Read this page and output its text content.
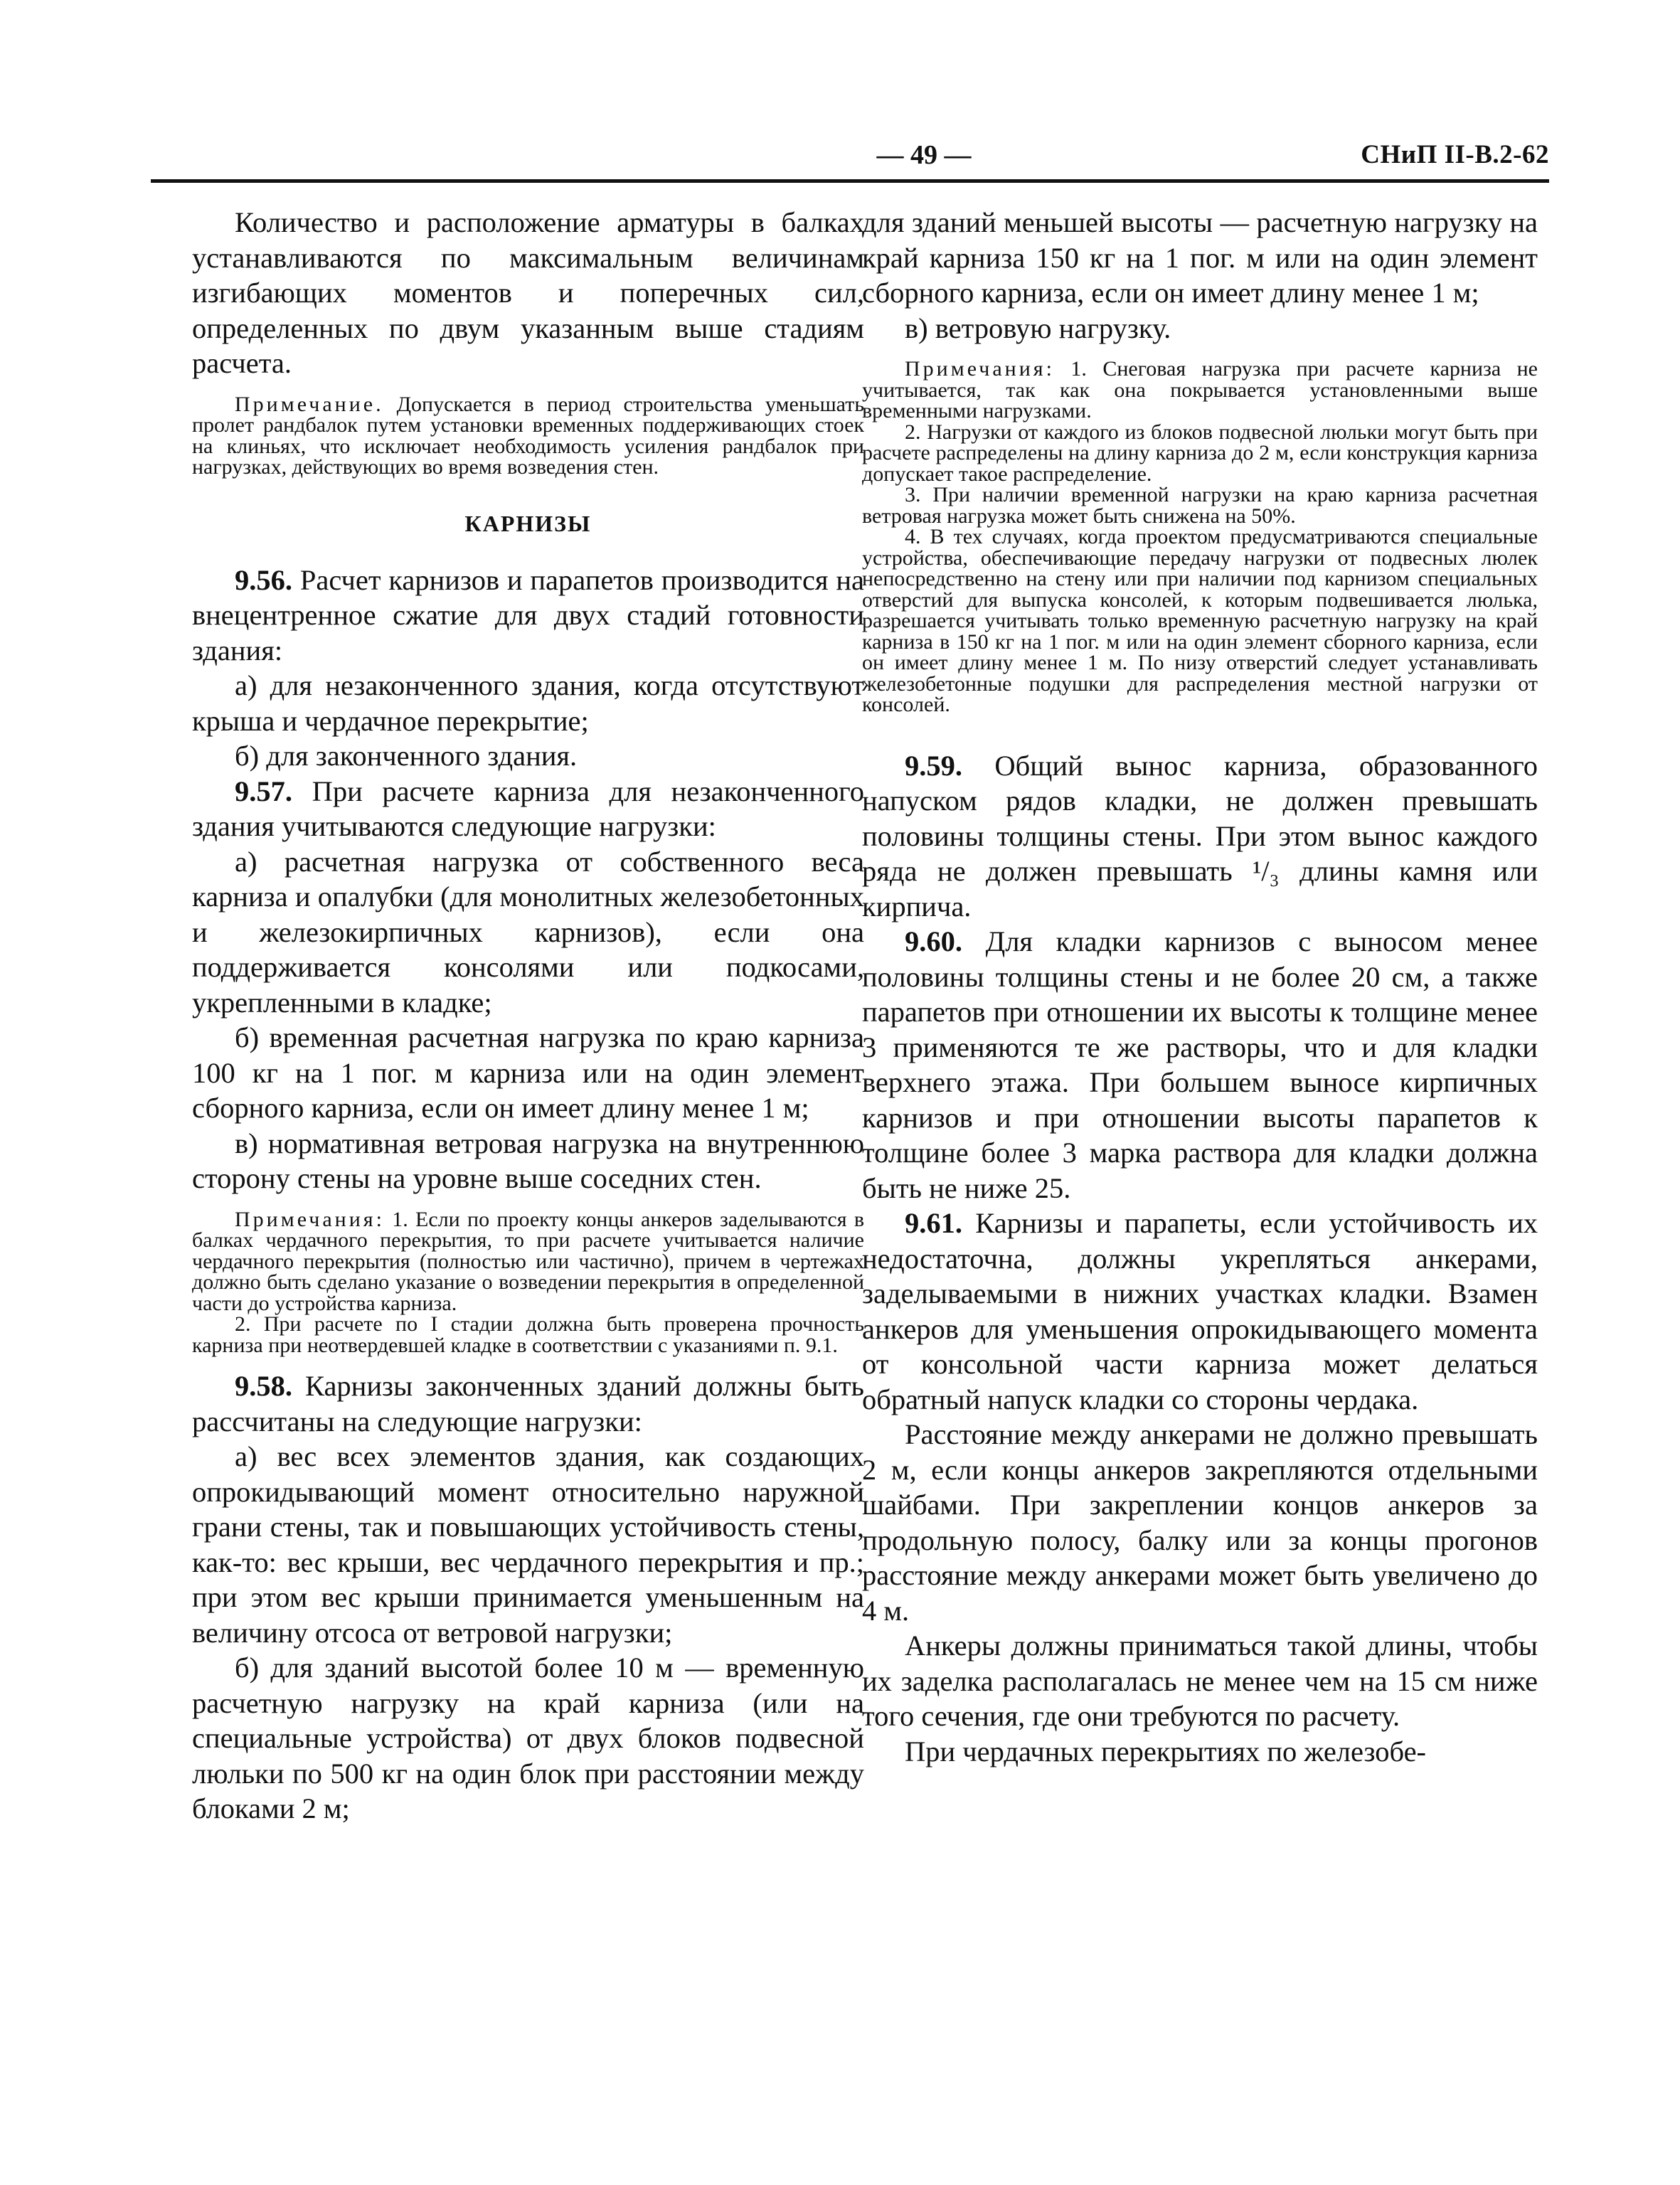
— 49 —	СНиП II-В.2-62

Количество и расположение арматуры в балках устанавливаются по максимальным величинам изгибающих моментов и поперечных сил, определенных по двум указанным выше стадиям расчета.

Примечание. Допускается в период строительства уменьшать пролет рандбалок путем установки временных поддерживающих стоек на клиньях, что исключает необходимость усиления рандбалок при нагрузках, действующих во время возведения стен.

КАРНИЗЫ

9.56. Расчет карнизов и парапетов производится на внецентренное сжатие для двух стадий готовности здания:

а) для незаконченного здания, когда отсутствуют крыша и чердачное перекрытие;

б) для законченного здания.

9.57. При расчете карниза для незаконченного здания учитываются следующие нагрузки:

а) расчетная нагрузка от собственного веса карниза и опалубки (для монолитных железобетонных и железокирпичных карнизов), если она поддерживается консолями или подкосами, укрепленными в кладке;

б) временная расчетная нагрузка по краю карниза 100 кг на 1 пог. м карниза или на один элемент сборного карниза, если он имеет длину менее 1 м;

в) нормативная ветровая нагрузка на внутреннюю сторону стены на уровне выше соседних стен.

Примечания: 1. Если по проекту концы анкеров заделываются в балках чердачного перекрытия, то при расчете учитывается наличие чердачного перекрытия (полностью или частично), причем в чертежах должно быть сделано указание о возведении перекрытия в определенной части до устройства карниза.

2. При расчете по I стадии должна быть проверена прочность карниза при неотвердевшей кладке в соответствии с указаниями п. 9.1.

9.58. Карнизы законченных зданий должны быть рассчитаны на следующие нагрузки:

а) вес всех элементов здания, как создающих опрокидывающий момент относительно наружной грани стены, так и повышающих устойчивость стены, как-то: вес крыши, вес чердачного перекрытия и пр.; при этом вес крыши принимается уменьшенным на величину отсоса от ветровой нагрузки;

б) для зданий высотой более 10 м — временную расчетную нагрузку на край карниза (или на специальные устройства) от двух блоков подвесной люльки по 500 кг на один блок при расстоянии между блоками 2 м;

для зданий меньшей высоты — расчетную нагрузку на край карниза 150 кг на 1 пог. м или на один элемент сборного карниза, если он имеет длину менее 1 м;

в) ветровую нагрузку.

Примечания: 1. Снеговая нагрузка при расчете карниза не учитывается, так как она покрывается установленными выше временными нагрузками.

2. Нагрузки от каждого из блоков подвесной люльки могут быть при расчете распределены на длину карниза до 2 м, если конструкция карниза допускает такое распределение.

3. При наличии временной нагрузки на краю карниза расчетная ветровая нагрузка может быть снижена на 50%.

4. В тех случаях, когда проектом предусматриваются специальные устройства, обеспечивающие передачу нагрузки от подвесных люлек непосредственно на стену или при наличии под карнизом специальных отверстий для выпуска консолей, к которым подвешивается люлька, разрешается учитывать только временную расчетную нагрузку на край карниза в 150 кг на 1 пог. м или на один элемент сборного карниза, если он имеет длину менее 1 м. По низу отверстий следует устанавливать железобетонные подушки для распределения местной нагрузки от консолей.

9.59. Общий вынос карниза, образованного напуском рядов кладки, не должен превышать половины толщины стены. При этом вынос каждого ряда не должен превышать ¹/₃ длины камня или кирпича.

9.60. Для кладки карнизов с выносом менее половины толщины стены и не более 20 см, а также парапетов при отношении их высоты к толщине менее 3 применяются те же растворы, что и для кладки верхнего этажа. При большем выносе кирпичных карнизов и при отношении высоты парапетов к толщине более 3 марка раствора для кладки должна быть не ниже 25.

9.61. Карнизы и парапеты, если устойчивость их недостаточна, должны укрепляться анкерами, заделываемыми в нижних участках кладки. Взамен анкеров для уменьшения опрокидывающего момента от консольной части карниза может делаться обратный напуск кладки со стороны чердака.

Расстояние между анкерами не должно превышать 2 м, если концы анкеров закрепляются отдельными шайбами. При закреплении концов анкеров за продольную полосу, балку или за концы прогонов расстояние между анкерами может быть увеличено до 4 м.

Анкеры должны приниматься такой длины, чтобы их заделка располагалась не менее чем на 15 см ниже того сечения, где они требуются по расчету.

При чердачных перекрытиях по железобе-
